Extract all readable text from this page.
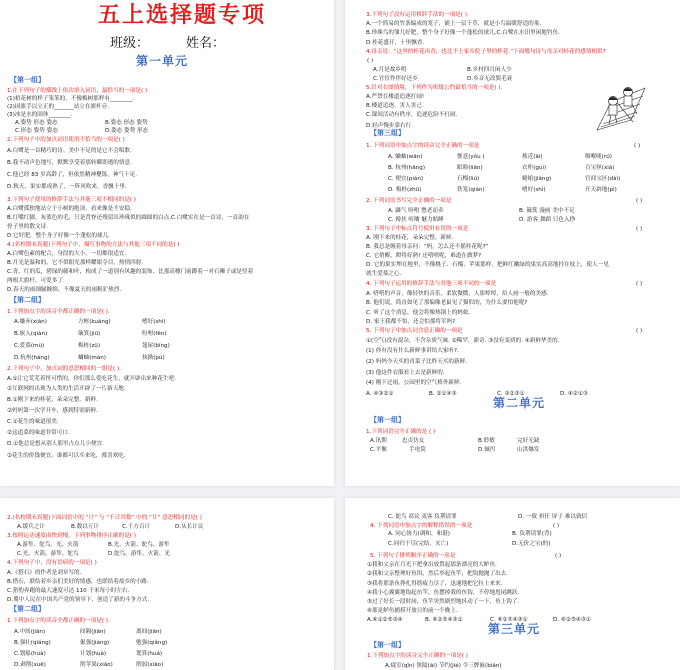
五上选择题专项
班级：	姓名：
第一单元
【第一组】
1.在下列句子的横线上依次填入词语，最恰当的一项是( )
(1)梧花树的样子笨笨的，不像梅树那样有________.
(2)国旗手以立正的_______站立在旗杆旁.
(3)冰是水的固体________.
A.姿势 形态 姿态	B.姿态 形态 姿势
C.形态 姿势 姿态	D.姿态 姿势 形态
2.下列句子中的加点词语使用不恰当的一项是( )
A.白鹭是一首精巧的诗。美中不足的是它不会唱歌.
B.我不动声色地写，默默享受着那转瞬即逝的情意.
C.他已经 83 岁高龄了，但依然精神矍铄，神气十足.
D.秋天，果实都成熟了，一阵风吹来，香飘十里.
3.下列句子使用的修辞手法与其他三项不相同的是( )
A.白鹭孤独地站立于小树的绝顶，看来像是不安稳.
B.红嘴红脚，灰蓝色的毛，只是背脊还残留出珍珠似的圆圆的白点.C.白鹭实在是一首诗，一首韵在
骨子里的散文诗.
D.它好肥，整个身子好像一个蓬松的球儿.
4.(名校期末真题)下列句子中，描写事物的方法与其他三项不同的是( )
A.白鹭色素的配合，身段的大小，一切都很适宜.
B.月光是温和的，它不似阳光那样耀眼夺目，热情四射.
C.青、红的瓜，碧绿的藤和叶，构成了一道别有风趣的装饰，比那高楼门前蹲着一对石狮子或是竖着
两根大旗杆，可爱多了.
D.春天的雨细腻缠绵，不像夏天的雨粗犷热烈.
【第二组】
1.下列加点字的读音全都正确的一项是( ).
A.嫌弃(xián)	方框(kuàng)	嗜好(shì)
B.嵌入(qiàn)	簸箕(jiū)	吩咐(fēn)
C.爱慕(mù)	梅桩(zū)	篷屋(bīng)
D.杭州(háng)	蛐蚰(mán)	执拗(pú)
2.下列句子中，加点词的意思相同的一组是( ).
A.①让它荒芜着怪可惜的，你们那么爱吃花生，就开辟出来种花生吧.
②互联网的出现为人类的生活开辟了一片新天地.
B.①刚下来的桂花，朵朵完整、新鲜.
②妈妈第一次学开车，感到特别新鲜.
C.①花生的味道很美.
②这道菜的味道非常可口.
D.①他总是想从别人那里占点儿小便宜.
②花生的价钱便宜，谁都可以买来吃，都喜欢吃.
3.下列句子没有运用修辞手法的一项是( ).
A.一个简易的竹条编成的笼子，铺上一层干草，就是小鸟温暖舒适的巢.
B.珍珠鸟的雏儿好肥，整个身子好像一个蓬松的球儿.C.白鹭在水田里闲地钓鱼.
D.桂花盛开，十里飘香.
4.母亲说：“这里的桂花再香，也比不上家乡院子里的桂花.”下面哪句诗与母亲对桂花的感情相似?
( )
A.月是故乡明	B.乡村四月闲人少
C.官宦作伴好还乡	D.乡音无改鬓毛衰
5.针对右图情境，下列作为班级公约最恰当的一项是( ).
A.严禁在楼道追逐打闹!
B.楼道追逐，害人害己.
C.课间活动有秩序，追逐危险不打闹.
D.轻声慢步靠右行.
【第三组】
1. 下列词语中加点字的读音完全正确的一项是	( )
A. 蛐蚰(wān)	惬意(yǒu )	挨近(āi)	咽喉咙(rú)
B. 杭州(hāng)	眼睑(liǎn)	衣柜(guì)	百宝匣(xiá)
C. 便宜(pián)	石榴(liú)	蜷缩(jiǎng)	官商宝区(dàì)
D. 梅桩(zhū)	铁笼(qián)	嗜好(shì)	开天辟地(pì)
2. 下列词语书写完全正确的一项是	( )
A. 蹑气 吩咐 憋老而卖	B. 簸箕 漫画 美中不足
C. 搀扶 喧嚷 魅力贴睡	D. 游客 舞蹈 只色入挣
3. 下列句子中标点符号使用有误的一项是	( )
A. 刚下来的桂花，朵朵完整、新鲜.
B. 我总是缠着母亲问：“妈，怎么还不摇桂花呢?”
C. 它俏醒，瞪将好熟! 还嘻嘻呢，难道在做梦?
D. 它的果实埋在地里，不像桃子、石榴、苹果那样，把鲜红嫩绿的果实高高地挂在枝上，使人一见
就生爱慕之心.
4. 下列句子运用的修辞手法与其他三项不同的一项是	( )
A. 嗒嗒的声音，像轻快的音乐，柔软微微，人影绰绰，给人画一般的美感.
B. 他们说，简直如见了那偏像老鼠见了猫似的，为什么要怕他呢?
C. 听了这个消息，他会将像热锅上的蚂蚁.
D. 家王我都不怕，还会怕那将军吗?
5. 下列句子中加点词含意正确的一项是	( )
①(空气)没有混杂，不含杂质气味. ②稀罕，新奇. ③没有变质的. ④新鲜华美的.
(1) 你有没有什么新鲜事讲给大家听?.
(2) 妈妈今天买的青菜子比昨天买的新鲜.
(3) 他这件衣服看上去是新鲜的.
(4) 刚下过雨，公园里的空气格外新鲜.
A. ④③②①	B. ②①④③	C. ③②③①	D. ④②①③
第二单元
【第一组】
1.下列词语完全正确的是 ( )
A.讯期	忠贞仿友	B.聆敏	完好无缺
C.平衡	手电筒	D.倾泻	山洪爆发
2.(名校期末真题)下面词语中的 “计” 与 “不计其数” 中的 “计” 意思相同的是( )
A.缓兵之计	B.数以万计	C.千方百计	D.从长计议
3.按照运动速度由快到慢，下列事物排序正确的是( )
A.游隼、鸵鸟、光、火箭	B.光、火箭、鸵鸟、游隼
C.光、火箭、游隼、鸵鸟	D.鸵鸟、游隼、火箭、光
4.下列句子中，没有语病的一项是( )
A.《搭石》的作者是刘章写的.
B.搭石，联结着乡亲们美好的情感，也联结着故乡的小路.
C.猎豹奔跑的最大速度可达 110 千米每小时左右.
D.冀中人民在中国共产党的领导下，创造了新的斗争方式.
【第二组】
1.下列加点字的读音全都正确的一项是( ).
A.中间(jiān)	间隔(jiān)	离间(jiān)
B.强壮(qiáng)	倔强(jiàng)	勉强(qiǎng)
C.划船(huá)	计划(huà)	划算(huá)
D.剥削(xuē)	削苹果(xiāo)	削弱(xiāo)
C. 鸵鸟 商议 夷客 负荆请罪	D. 一致 担任 屏子 难以致信
4. 下列词语中加点字的解释错误的一项是	( )
A. 同心协力(调和，和谐)	B. 负荆请罪(背)
C.同归于尽(完结，灭亡)	D.无价之宝(的)
5. 下列句子排列顺序正确的一项是	( )
①我和父亲在月光下把拿出放置起那条漂亮的大鲈鱼.
②我和父亲整理好鱼饵，然后举起鱼竿，把钩抛抛了出去.
③我将那条鱼挣扎得筋疲力尽了，迅速地把它拉上来来.
④我小心翼翼地钩起鱼竿，鱼摆掉我的鱼钩，不停地甩尾跳跃.
⑤过了好长一段时间，鱼竿突然剧烈地抖动了一下，鱼上钩了.
⑥那是鲈鱼捕捞开放日的前一个晚上.
A.⑥①②⑤③④	B. ⑥②⑤④③①	C. ⑥②⑤④③①	D. ⑥②⑤④③①
第三单元
【第一组】
1.下列加点字的读音完全正确的一项是( )
A.寝室(qǐn) 狭隘(ài) 节约(jié) 令三牌匾(biǎn)
